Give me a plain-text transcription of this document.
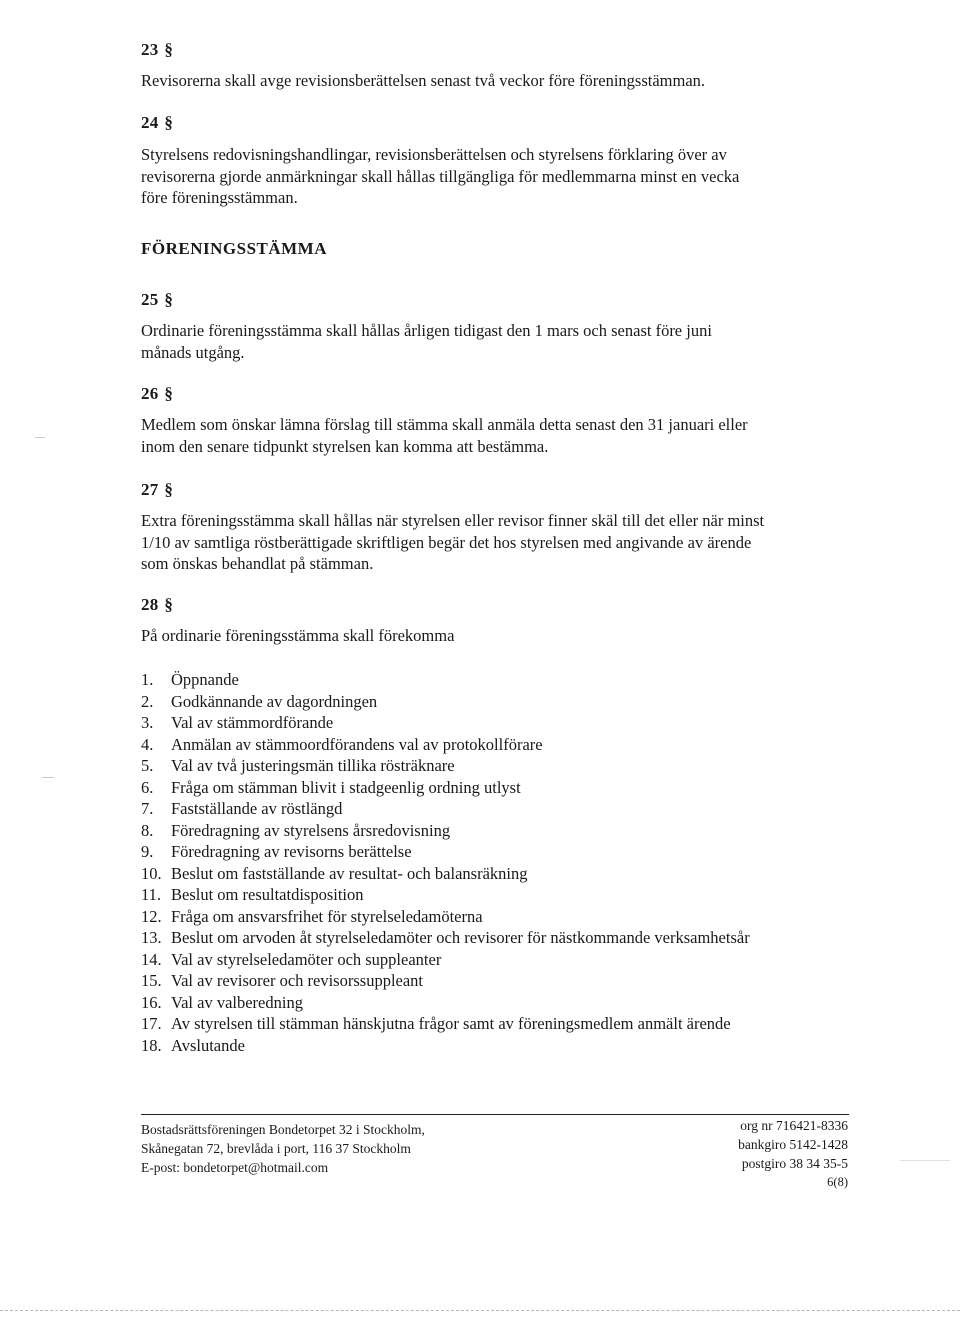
23 §
Revisorerna skall avge revisionsberättelsen senast två veckor före föreningsstämman.
24 §
Styrelsens redovisningshandlingar, revisionsberättelsen och styrelsens förklaring över av
revisorerna gjorde anmärkningar skall hållas tillgängliga för medlemmarna minst en vecka
före föreningsstämman.
FÖRENINGSSTÄMMA
25 §
Ordinarie föreningsstämma skall hållas årligen tidigast den 1 mars och senast före juni
månads utgång.
26 §
Medlem som önskar lämna förslag till stämma skall anmäla detta senast den 31 januari eller
inom den senare tidpunkt styrelsen kan komma att bestämma.
27 §
Extra föreningsstämma skall hållas när styrelsen eller revisor finner skäl till det eller när minst
1/10 av samtliga röstberättigade skriftligen begär det hos styrelsen med angivande av ärende
som önskas behandlat på stämman.
28 §
På ordinarie föreningsstämma skall förekomma
1. Öppnande
2. Godkännande av dagordningen
3. Val av stämmordförande
4. Anmälan av stämmoordförandens val av protokollförare
5. Val av två justeringsmän tillika rösträknare
6. Fråga om stämman blivit i stadgeenlig ordning utlyst
7. Fastställande av röstlängd
8. Föredragning av styrelsens årsredovisning
9. Föredragning av revisorns berättelse
10. Beslut om fastställande av resultat- och balansräkning
11. Beslut om resultatdisposition
12. Fråga om ansvarsfrihet för styrelseledamöterna
13. Beslut om arvoden åt styrelseledamöter och revisorer för nästkommande verksamhetsår
14. Val av styrelseledamöter och suppleanter
15. Val av revisorer och revisorssuppleant
16. Val av valberedning
17. Av styrelsen till stämman hänskjutna frågor samt av föreningsmedlem anmält ärende
18. Avslutande
Bostadsrättsföreningen Bondetorpet 32 i Stockholm,
Skånegatan 72, brevlåda i port, 116 37 Stockholm
E-post: bondetorpet@hotmail.com
org nr 716421-8336
bankgiro 5142-1428
postgiro 38 34 35-5
6(8)
